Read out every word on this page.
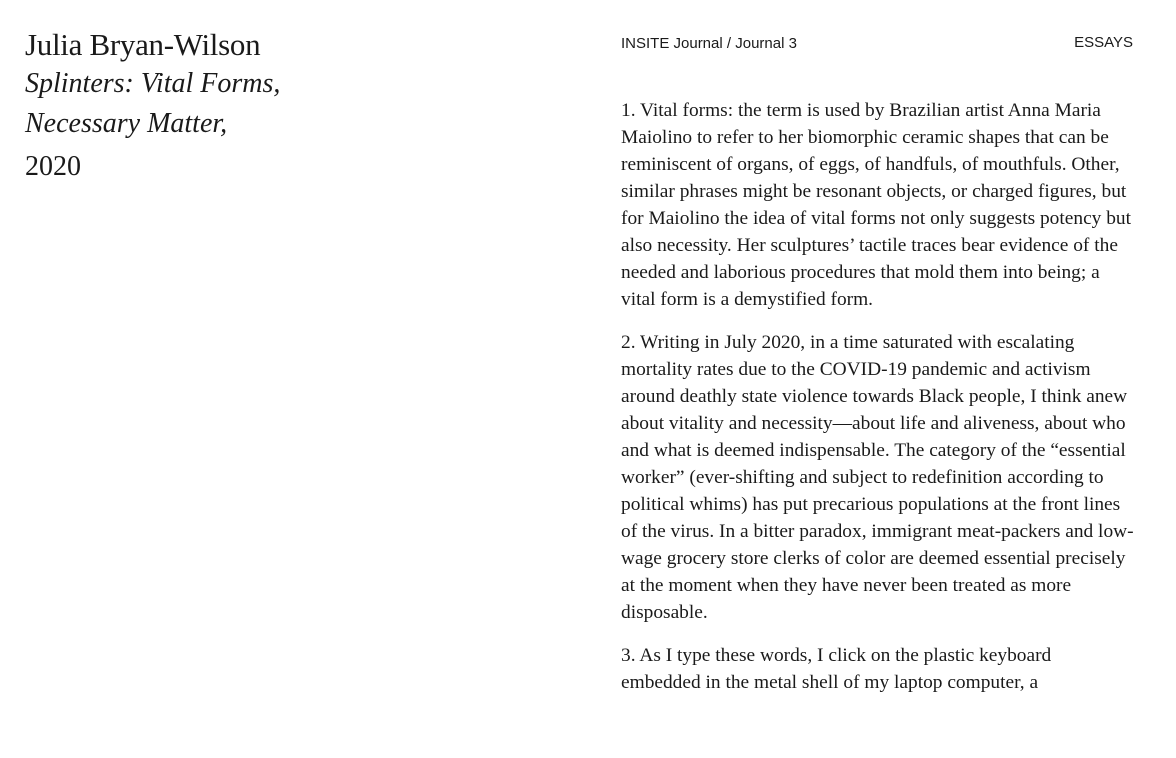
Julia Bryan-Wilson
Splinters: Vital Forms,
Necessary Matter,
2020
INSITE Journal / Journal 3	ESSAYS

1. Vital forms: the term is used by Brazilian artist Anna Maria Maiolino to refer to her biomorphic ceramic shapes that can be reminiscent of organs, of eggs, of handfuls, of mouthfuls. Other, similar phrases might be resonant objects, or charged figures, but for Maiolino the idea of vital forms not only suggests potency but also necessity. Her sculptures’ tactile traces bear evidence of the needed and laborious procedures that mold them into being; a vital form is a demystified form.

2. Writing in July 2020, in a time saturated with escalating mortality rates due to the COVID-19 pandemic and activism around deathly state violence towards Black people, I think anew about vitality and necessity—about life and aliveness, about who and what is deemed indispensable. The category of the “essential worker” (ever-shifting and subject to redefinition according to political whims) has put precarious populations at the front lines of the virus. In a bitter paradox, immigrant meat-packers and low-wage grocery store clerks of color are deemed essential precisely at the moment when they have never been treated as more disposable.

3. As I type these words, I click on the plastic keyboard embedded in the metal shell of my laptop computer, a
